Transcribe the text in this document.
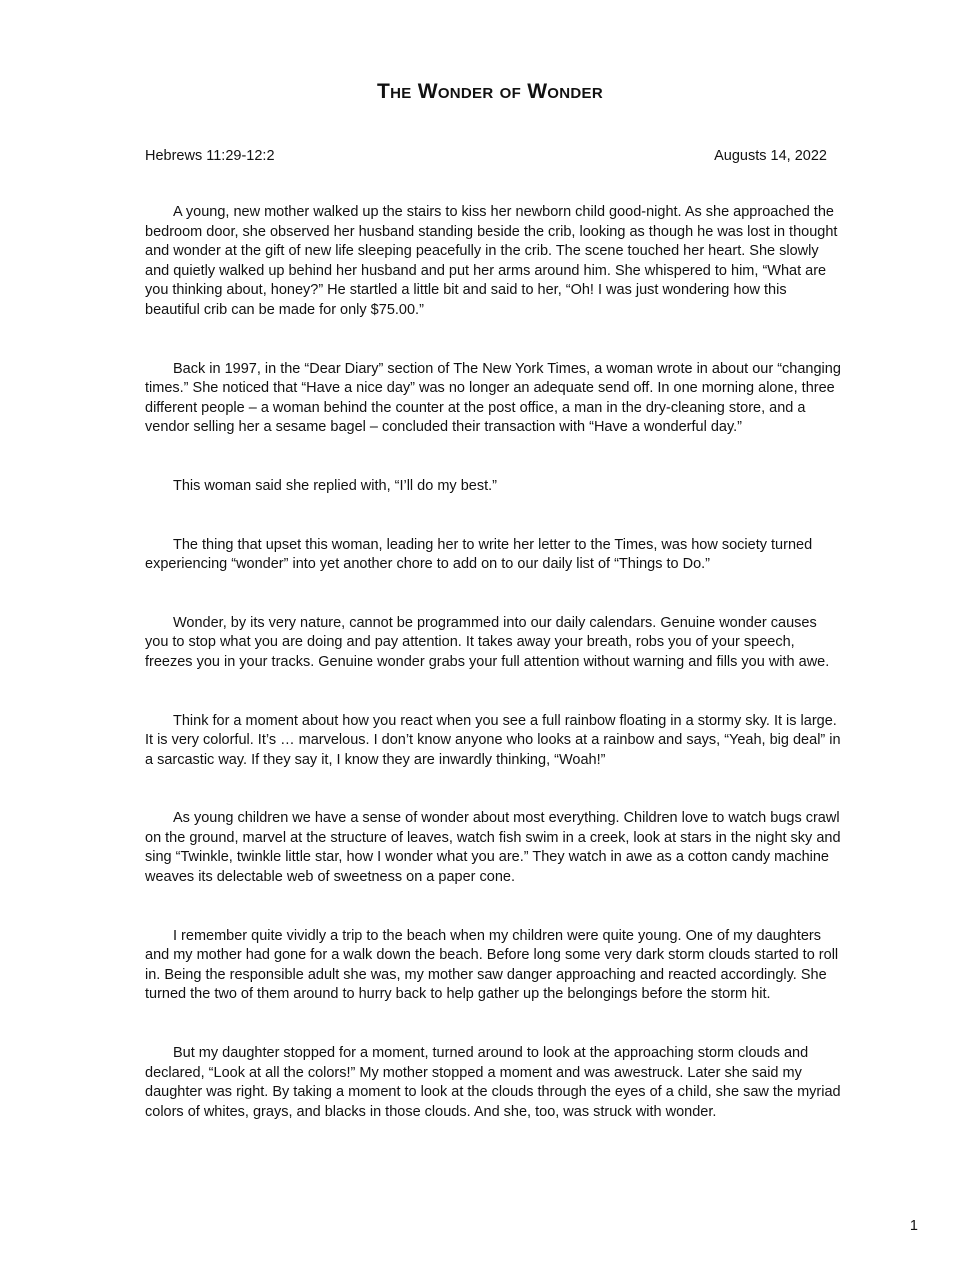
The Wonder of Wonder
Hebrews 11:29-12:2	Augusts 14, 2022

A young, new mother walked up the stairs to kiss her newborn child good-night. As she approached the bedroom door, she observed her husband standing beside the crib, looking as though he was lost in thought and wonder at the gift of new life sleeping peacefully in the crib. The scene touched her heart. She slowly and quietly walked up behind her husband and put her arms around him. She whispered to him, “What are you thinking about, honey?” He startled a little bit and said to her, “Oh! I was just wondering how this beautiful crib can be made for only $75.00.”

Back in 1997, in the “Dear Diary” section of The New York Times, a woman wrote in about our “changing times.” She noticed that “Have a nice day” was no longer an adequate send off. In one morning alone, three different people – a woman behind the counter at the post office, a man in the dry-cleaning store, and a vendor selling her a sesame bagel – concluded their transaction with “Have a wonderful day.”

This woman said she replied with, “I’ll do my best.”

The thing that upset this woman, leading her to write her letter to the Times, was how society turned experiencing “wonder” into yet another chore to add on to our daily list of “Things to Do.”

Wonder, by its very nature, cannot be programmed into our daily calendars. Genuine wonder causes you to stop what you are doing and pay attention. It takes away your breath, robs you of your speech, freezes you in your tracks. Genuine wonder grabs your full attention without warning and fills you with awe.

Think for a moment about how you react when you see a full rainbow floating in a stormy sky. It is large. It is very colorful. It’s … marvelous. I don’t know anyone who looks at a rainbow and says, “Yeah, big deal” in a sarcastic way. If they say it, I know they are inwardly thinking, “Woah!”

As young children we have a sense of wonder about most everything. Children love to watch bugs crawl on the ground, marvel at the structure of leaves, watch fish swim in a creek, look at stars in the night sky and sing “Twinkle, twinkle little star, how I wonder what you are.” They watch in awe as a cotton candy machine weaves its delectable web of sweetness on a paper cone.

I remember quite vividly a trip to the beach when my children were quite young. One of my daughters and my mother had gone for a walk down the beach. Before long some very dark storm clouds started to roll in. Being the responsible adult she was, my mother saw danger approaching and reacted accordingly. She turned the two of them around to hurry back to help gather up the belongings before the storm hit.

But my daughter stopped for a moment, turned around to look at the approaching storm clouds and declared, “Look at all the colors!” My mother stopped a moment and was awestruck. Later she said my daughter was right. By taking a moment to look at the clouds through the eyes of a child, she saw the myriad colors of whites, grays, and blacks in those clouds. And she, too, was struck with wonder.

1
